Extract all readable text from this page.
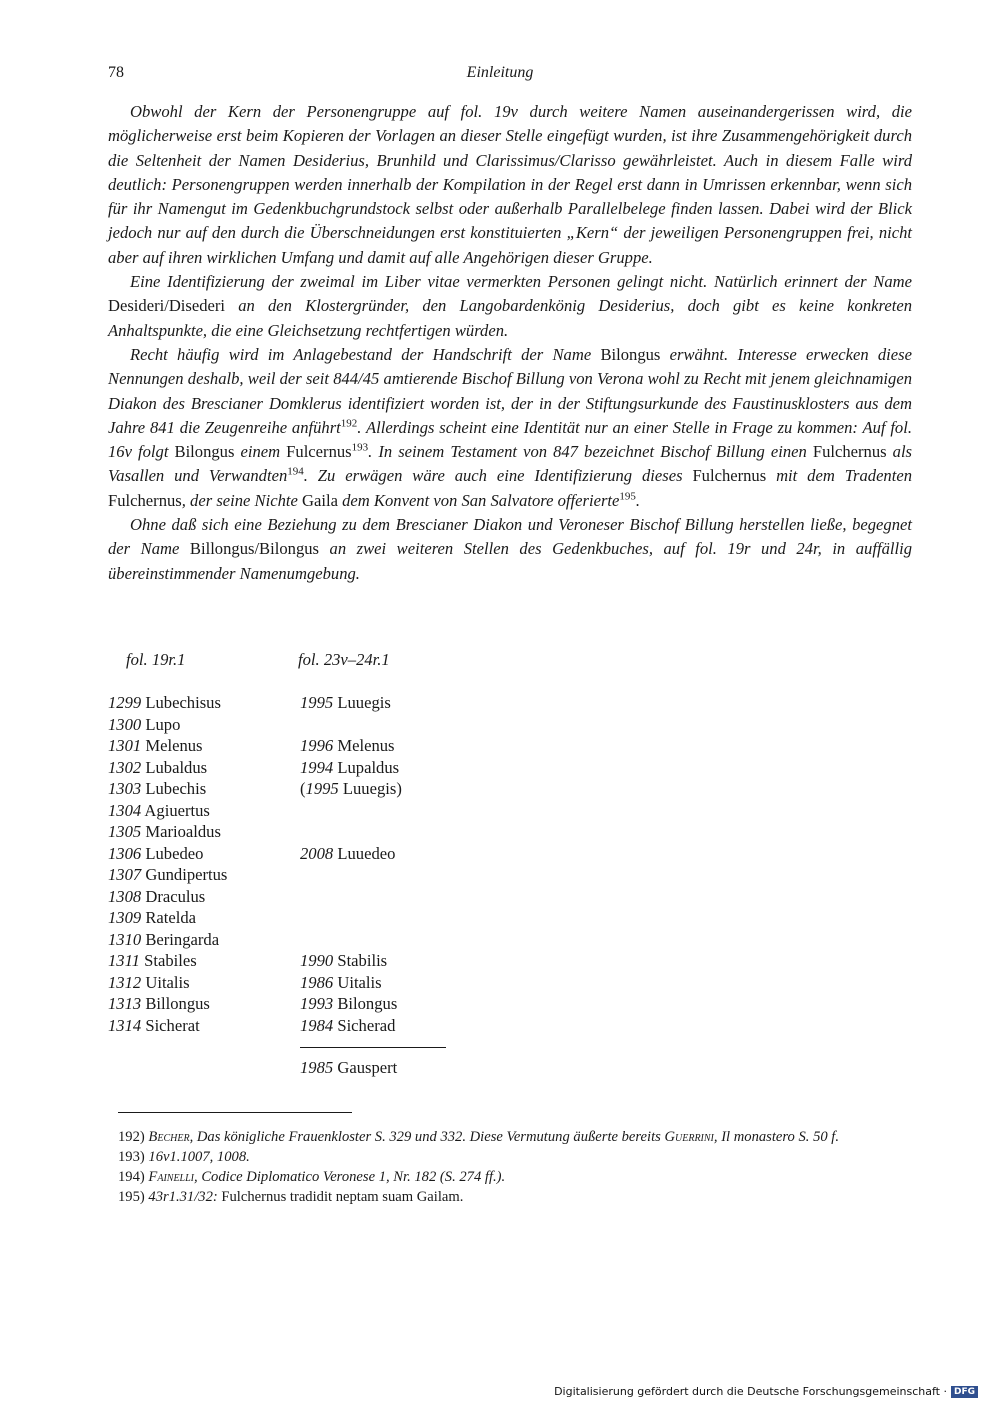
78	Einleitung

Obwohl der Kern der Personengruppe auf fol. 19v durch weitere Namen auseinandergerissen wird, die möglicherweise erst beim Kopieren der Vorlagen an dieser Stelle eingefügt wurden, ist ihre Zusammengehörigkeit durch die Seltenheit der Namen Desiderius, Brunhild und Clarissimus/Clarisso gewährleistet. Auch in diesem Falle wird deutlich: Personengruppen werden innerhalb der Kompilation in der Regel erst dann in Umrissen erkennbar, wenn sich für ihr Namengut im Gedenkbuchgrundstock selbst oder außerhalb Parallelbelege finden lassen. Dabei wird der Blick jedoch nur auf den durch die Überschneidungen erst konstituierten „Kern“ der jeweiligen Personengruppen frei, nicht aber auf ihren wirklichen Umfang und damit auf alle Angehörigen dieser Gruppe.

Eine Identifizierung der zweimal im Liber vitae vermerkten Personen gelingt nicht. Natürlich erinnert der Name Desideri/Disederi an den Klostergründer, den Langobardenkönig Desiderius, doch gibt es keine konkreten Anhaltspunkte, die eine Gleichsetzung rechtfertigen würden.

Recht häufig wird im Anlagebestand der Handschrift der Name Bilongus erwähnt. Interesse erwecken diese Nennungen deshalb, weil der seit 844/45 amtierende Bischof Billung von Verona wohl zu Recht mit jenem gleichnamigen Diakon des Brescianer Domklerus identifiziert worden ist, der in der Stiftungsurkunde des Faustinusklosters aus dem Jahre 841 die Zeugenreihe anführt$^{192}$. Allerdings scheint eine Identität nur an einer Stelle in Frage zu kommen: Auf fol. 16v folgt Bilongus einem Fulcernus$^{193}$. In seinem Testament von 847 bezeichnet Bischof Billung einen Fulchernus als Vasallen und Verwandten$^{194}$. Zu erwägen wäre auch eine Identifizierung dieses Fulchernus mit dem Tradenten Fulchernus, der seine Nichte Gaila dem Konvent von San Salvatore offerierte$^{195}$.

Ohne daß sich eine Beziehung zu dem Brescianer Diakon und Veroneser Bischof Billung herstellen ließe, begegnet der Name Billongus/Bilongus an zwei weiteren Stellen des Gedenkbuches, auf fol. 19r und 24r, in auffällig übereinstimmender Namenumgebung.

fol. 19r.1	fol. 23v–24r.1
1299 Lubechisus
1300 Lupo
1301 Melenus
1302 Lubaldus
1303 Lubechis
1304 Agiuertus
1305 Marioaldus
1306 Lubedeo
1307 Gundipertus
1308 Draculus
1309 Ratelda
1310 Beringarda
1311 Stabiles
1312 Uitalis
1313 Billongus
1314 Sicherat
1995 Luuegis
1996 Melenus
1994 Lupaldus
(1995 Luuegis)
2008 Luuedeo
1990 Stabilis
1986 Uitalis
1993 Bilongus
1984 Sicherad
1985 Gauspert

192) Becher, Das königliche Frauenkloster S. 329 und 332. Diese Vermutung äußerte bereits Guerrini, Il monastero S. 50 f.

193) 16v1.1007, 1008.

194) Fainelli, Codice Diplomatico Veronese 1, Nr. 182 (S. 274 ff.).

195) 43r1.31/32: Fulchernus tradidit neptam suam Gailam.

Digitalisierung gefördert durch die Deutsche Forschungsgemeinschaft · DFG
